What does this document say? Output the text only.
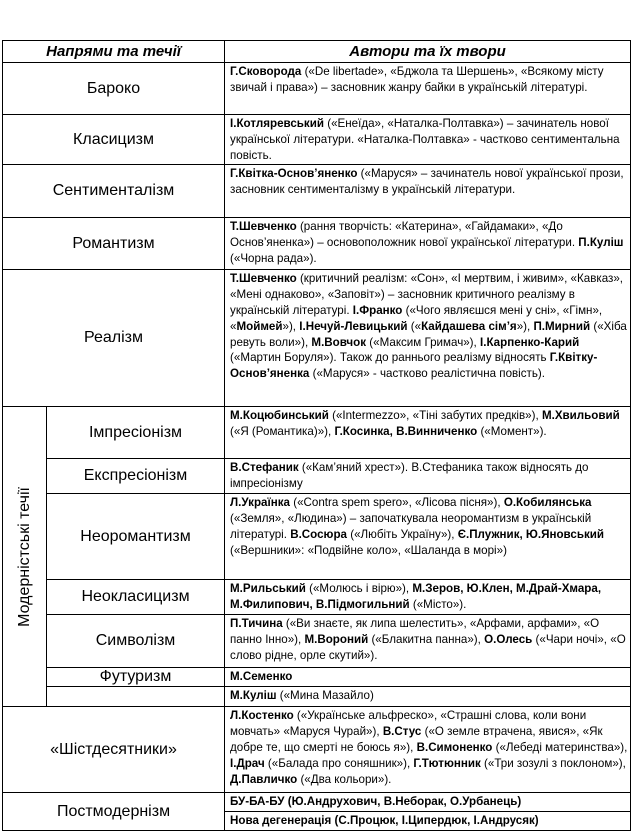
Напрями та течії		Автори та їх твори
Бароко		Г.Сковорода («De libertade», «Бджола та Шершень», «Всякому місту звичай і права») – засновник жанру байки в українській літературі.
Класицизм		І.Котляревський («Енеїда», «Наталка-Полтавка») – зачинатель нової української літератури. «Наталка-Полтавка» - частково сентиментальна повість.
Сентименталізм		Г.Квітка-Основ’яненко («Маруся» – зачинатель нової української прози, засновник сентименталізму в українській літератури.
Романтизм		Т.Шевченко (рання творчість: «Катерина», «Гайдамаки», «До Основ’яненка») – основоположник нової української літератури. П.Куліш («Чорна рада»).
Реалізм		Т.Шевченко (критичний реалізм: «Сон», «І мертвим, і живим», «Кавказ», «Мені однаково», «Заповіт») – засновник критичного реалізму в українській літературі. І.Франко («Чого являєшся мені у сні», «Гімн», «Моймей»), І.Нечуй-Левицький («Кайдашева сім’я»), П.Мирний («Хіба ревуть воли»), М.Вовчок («Максим Гримач»), І.Карпенко-Карий («Мартин Боруля»). Також до раннього реалізму відносять Г.Квітку-Основ’яненка («Маруся» - частково реалістична повість).

Модерністські течії	Імпресіонізм	М.Коцюбинський («Intermezzo», «Тіні забутих предків»), М.Хвильовий («Я (Романтика)»), Г.Косинка, В.Винниченко («Момент»).
	Експресіонізм	В.Стефаник («Кам’яний хрест»). В.Стефаника також відносять до імпресіонізму
	Неоромантизм	Л.Українка («Contra spem spero», «Лісова пісня»), О.Кобилянська («Земля», «Людина») – започаткувала неоромантизм в українській літературі. В.Сосюра («Любіть Україну»), Є.Плужник, Ю.Яновський («Вершники»: «Подвійне коло», «Шаланда в морі»)
	Неокласицизм	М.Рильський («Молюсь і вірю»), М.Зеров, Ю.Клен, М.Драй-Хмара, М.Филипович, В.Підмогильний («Місто»).
	Символізм	П.Тичина («Ви знаєте, як липа шелестить», «Арфами, арфами», «О панно Інно»), М.Вороний («Блакитна панна»), О.Олесь («Чари ночі», «О слово рідне, орле скутий»).
	Футуризм	М.Семенко
		М.Куліш («Мина Мазайло)
«Шістдесятники»		Л.Костенко («Українське альфреско», «Страшні слова, коли вони мовчать» «Маруся Чурай»), В.Стус («О земле втрачена, явися», «Як добре те, що смерті не боюсь я»), В.Симоненко («Лебеді материнства»), І.Драч («Балада про соняшник»), Г.Тютюнник («Три зозулі з поклоном»), Д.Павличко («Два кольори»).
Постмодернізм		БУ-БА-БУ (Ю.Андрухович, В.Неборак, О.Урбанець)
		Нова дегенерація (С.Процюк, І.Ципердюк, І.Андрусяк)
